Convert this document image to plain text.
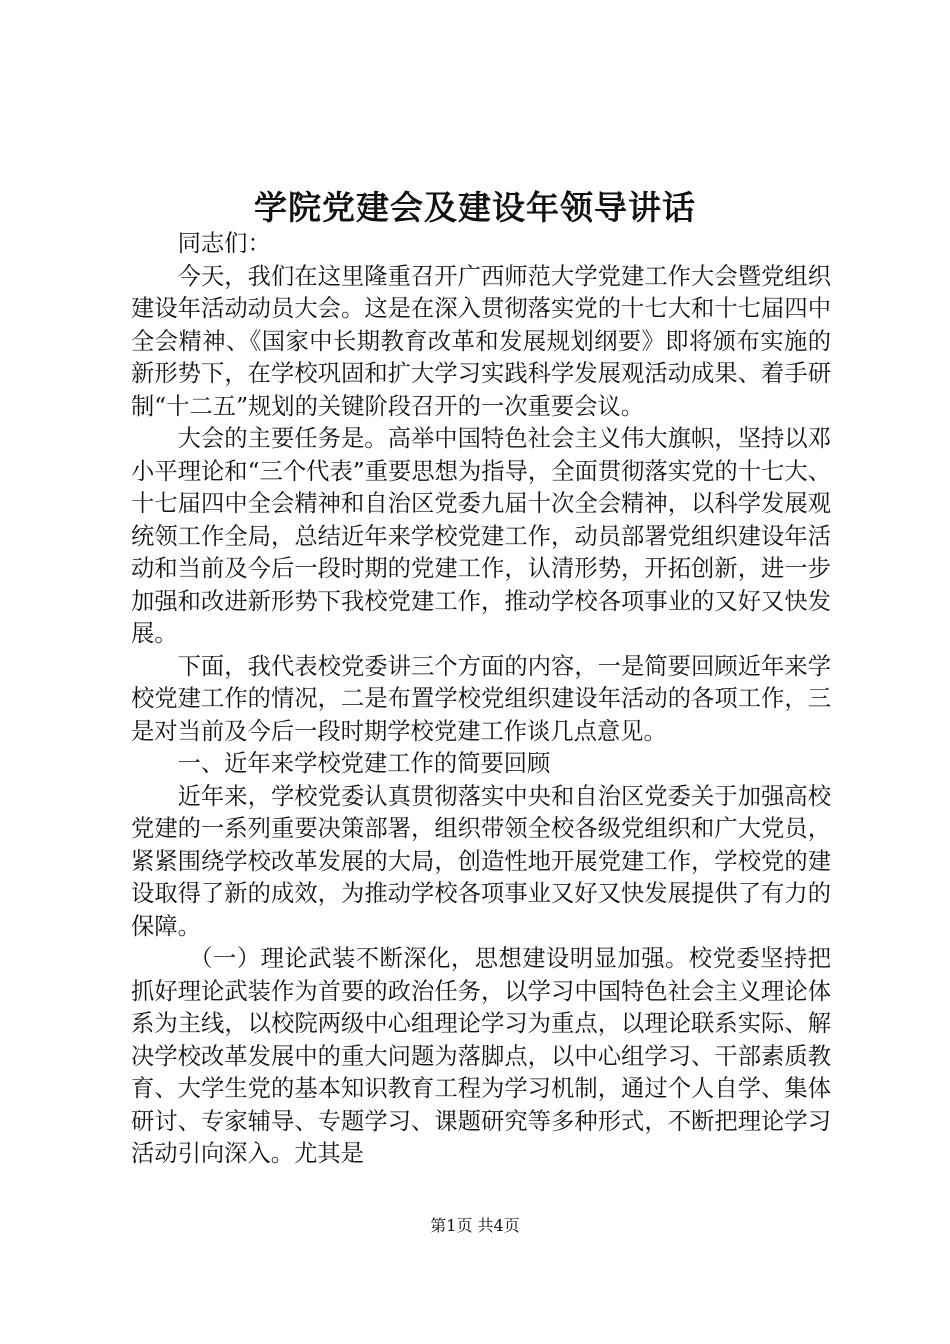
学院党建会及建设年领导讲话

同志们：

今天，我们在这里隆重召开广西师范大学党建工作大会暨党组织建设年活动动员大会。这是在深入贯彻落实党的十七大和十七届四中全会精神、《国家中长期教育改革和发展规划纲要》即将颁布实施的新形势下，在学校巩固和扩大学习实践科学发展观活动成果、着手研制“十二五”规划的关键阶段召开的一次重要会议。

大会的主要任务是。高举中国特色社会主义伟大旗帜，坚持以邓小平理论和“三个代表”重要思想为指导，全面贯彻落实党的十七大、十七届四中全会精神和自治区党委九届十次全会精神，以科学发展观统领工作全局，总结近年来学校党建工作，动员部署党组织建设年活动和当前及今后一段时期的党建工作，认清形势，开拓创新，进一步加强和改进新形势下我校党建工作，推动学校各项事业的又好又快发展。

下面，我代表校党委讲三个方面的内容，一是简要回顾近年来学校党建工作的情况，二是布置学校党组织建设年活动的各项工作，三是对当前及今后一段时期学校党建工作谈几点意见。

一、近年来学校党建工作的简要回顾

近年来，学校党委认真贯彻落实中央和自治区党委关于加强高校党建的一系列重要决策部署，组织带领全校各级党组织和广大党员，紧紧围绕学校改革发展的大局，创造性地开展党建工作，学校党的建设取得了新的成效，为推动学校各项事业又好又快发展提供了有力的保障。

（一）理论武装不断深化，思想建设明显加强。校党委坚持把抓好理论武装作为首要的政治任务，以学习中国特色社会主义理论体系为主线，以校院两级中心组理论学习为重点，以理论联系实际、解决学校改革发展中的重大问题为落脚点，以中心组学习、干部素质教育、大学生党的基本知识教育工程为学习机制，通过个人自学、集体研讨、专家辅导、专题学习、课题研究等多种形式，不断把理论学习活动引向深入。尤其是

第1页 共4页
